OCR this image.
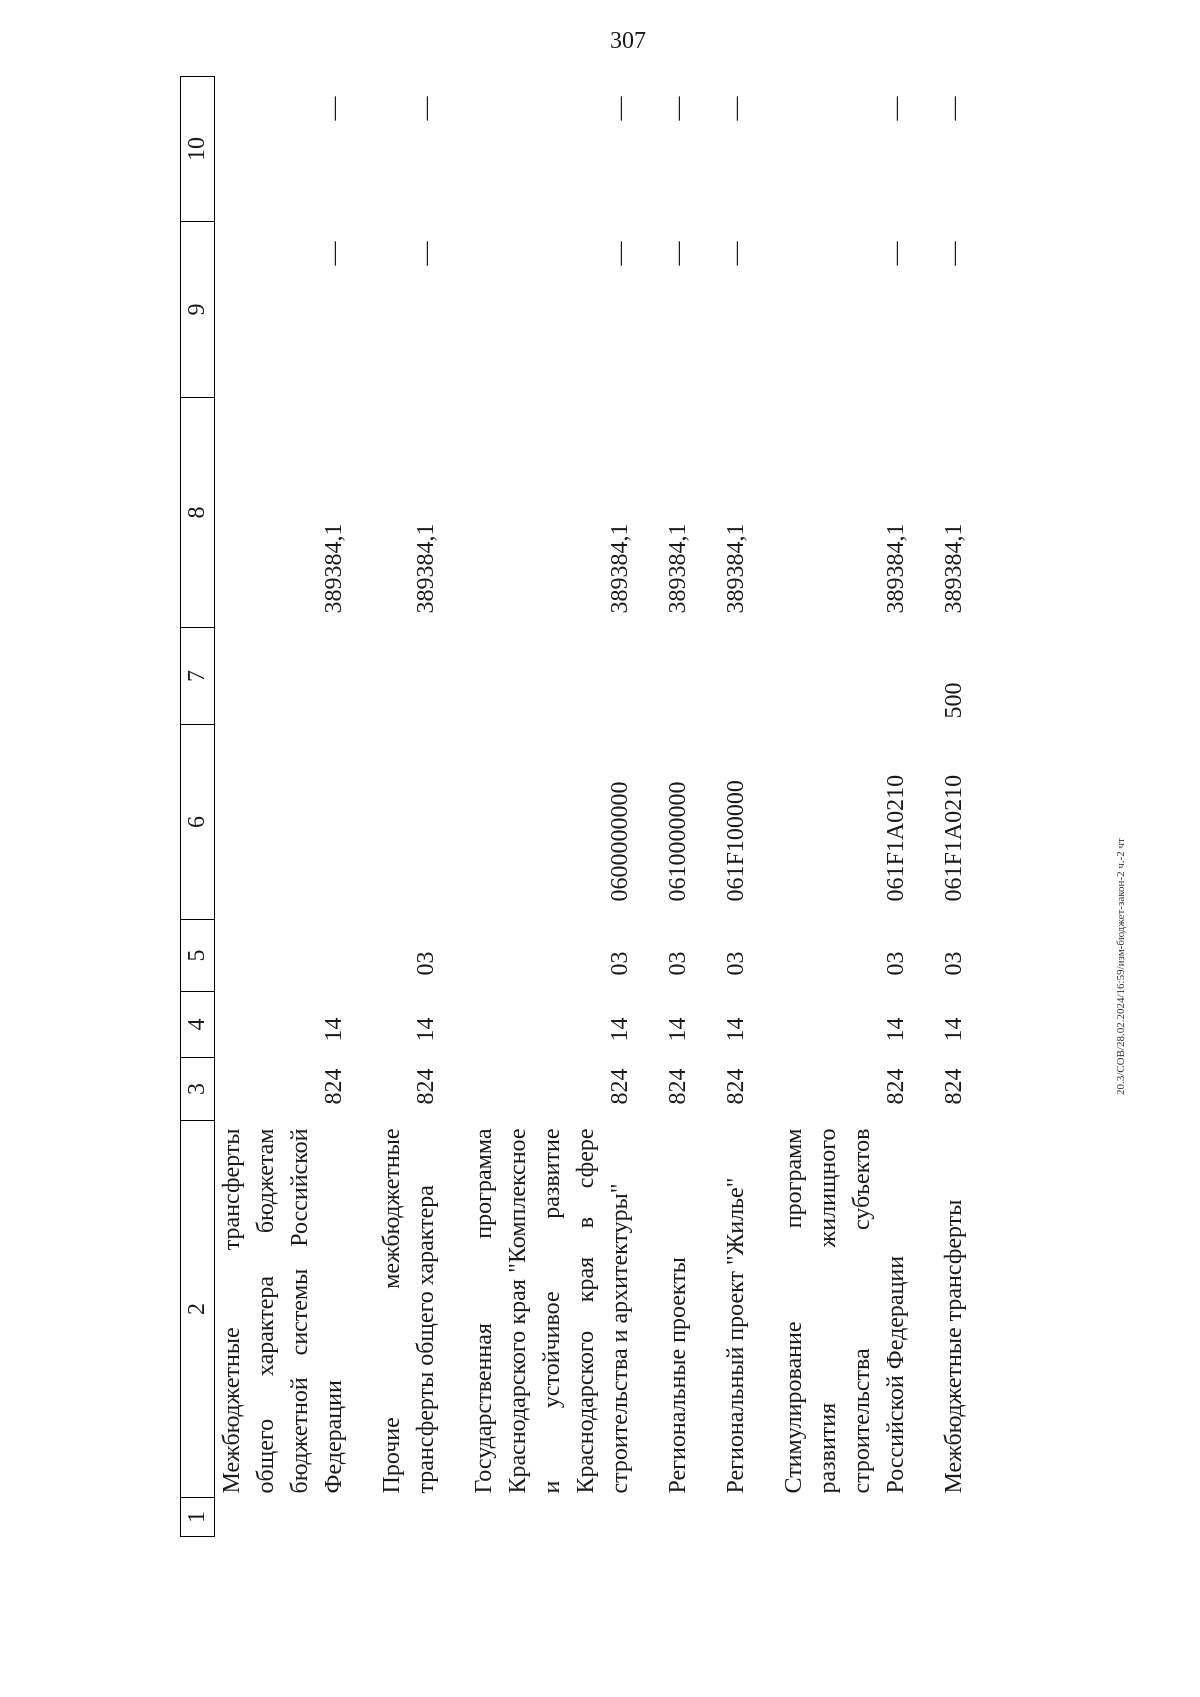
307
20.3/СОВ/28.02.2024/16:59/изм-бюджет-закон-2 ч.-2 чт
1	2	3	4	5	6	7	8	9	10
	Межбюджетные трансферты общего характера бюджетам бюджетной системы Российской Федерации	824	14				389384,1	—	—
	Прочие межбюджетные трансферты общего характера	824	14	03			389384,1	—	—
	Государственная программа Краснодарского края "Комплексное и устойчивое развитие Краснодарского края в сфере строительства и архитектуры"	824	14	03	0600000000		389384,1	—	—
	Региональные проекты	824	14	03	0610000000		389384,1	—	—
	Региональный проект "Жилье"	824	14	03	061F100000		389384,1	—	—
	Стимулирование программ развития жилищного строительства субъектов Российской Федерации	824	14	03	061F1A0210		389384,1	—	—
	Межбюджетные трансферты	824	14	03	061F1A0210	500	389384,1	—	—
